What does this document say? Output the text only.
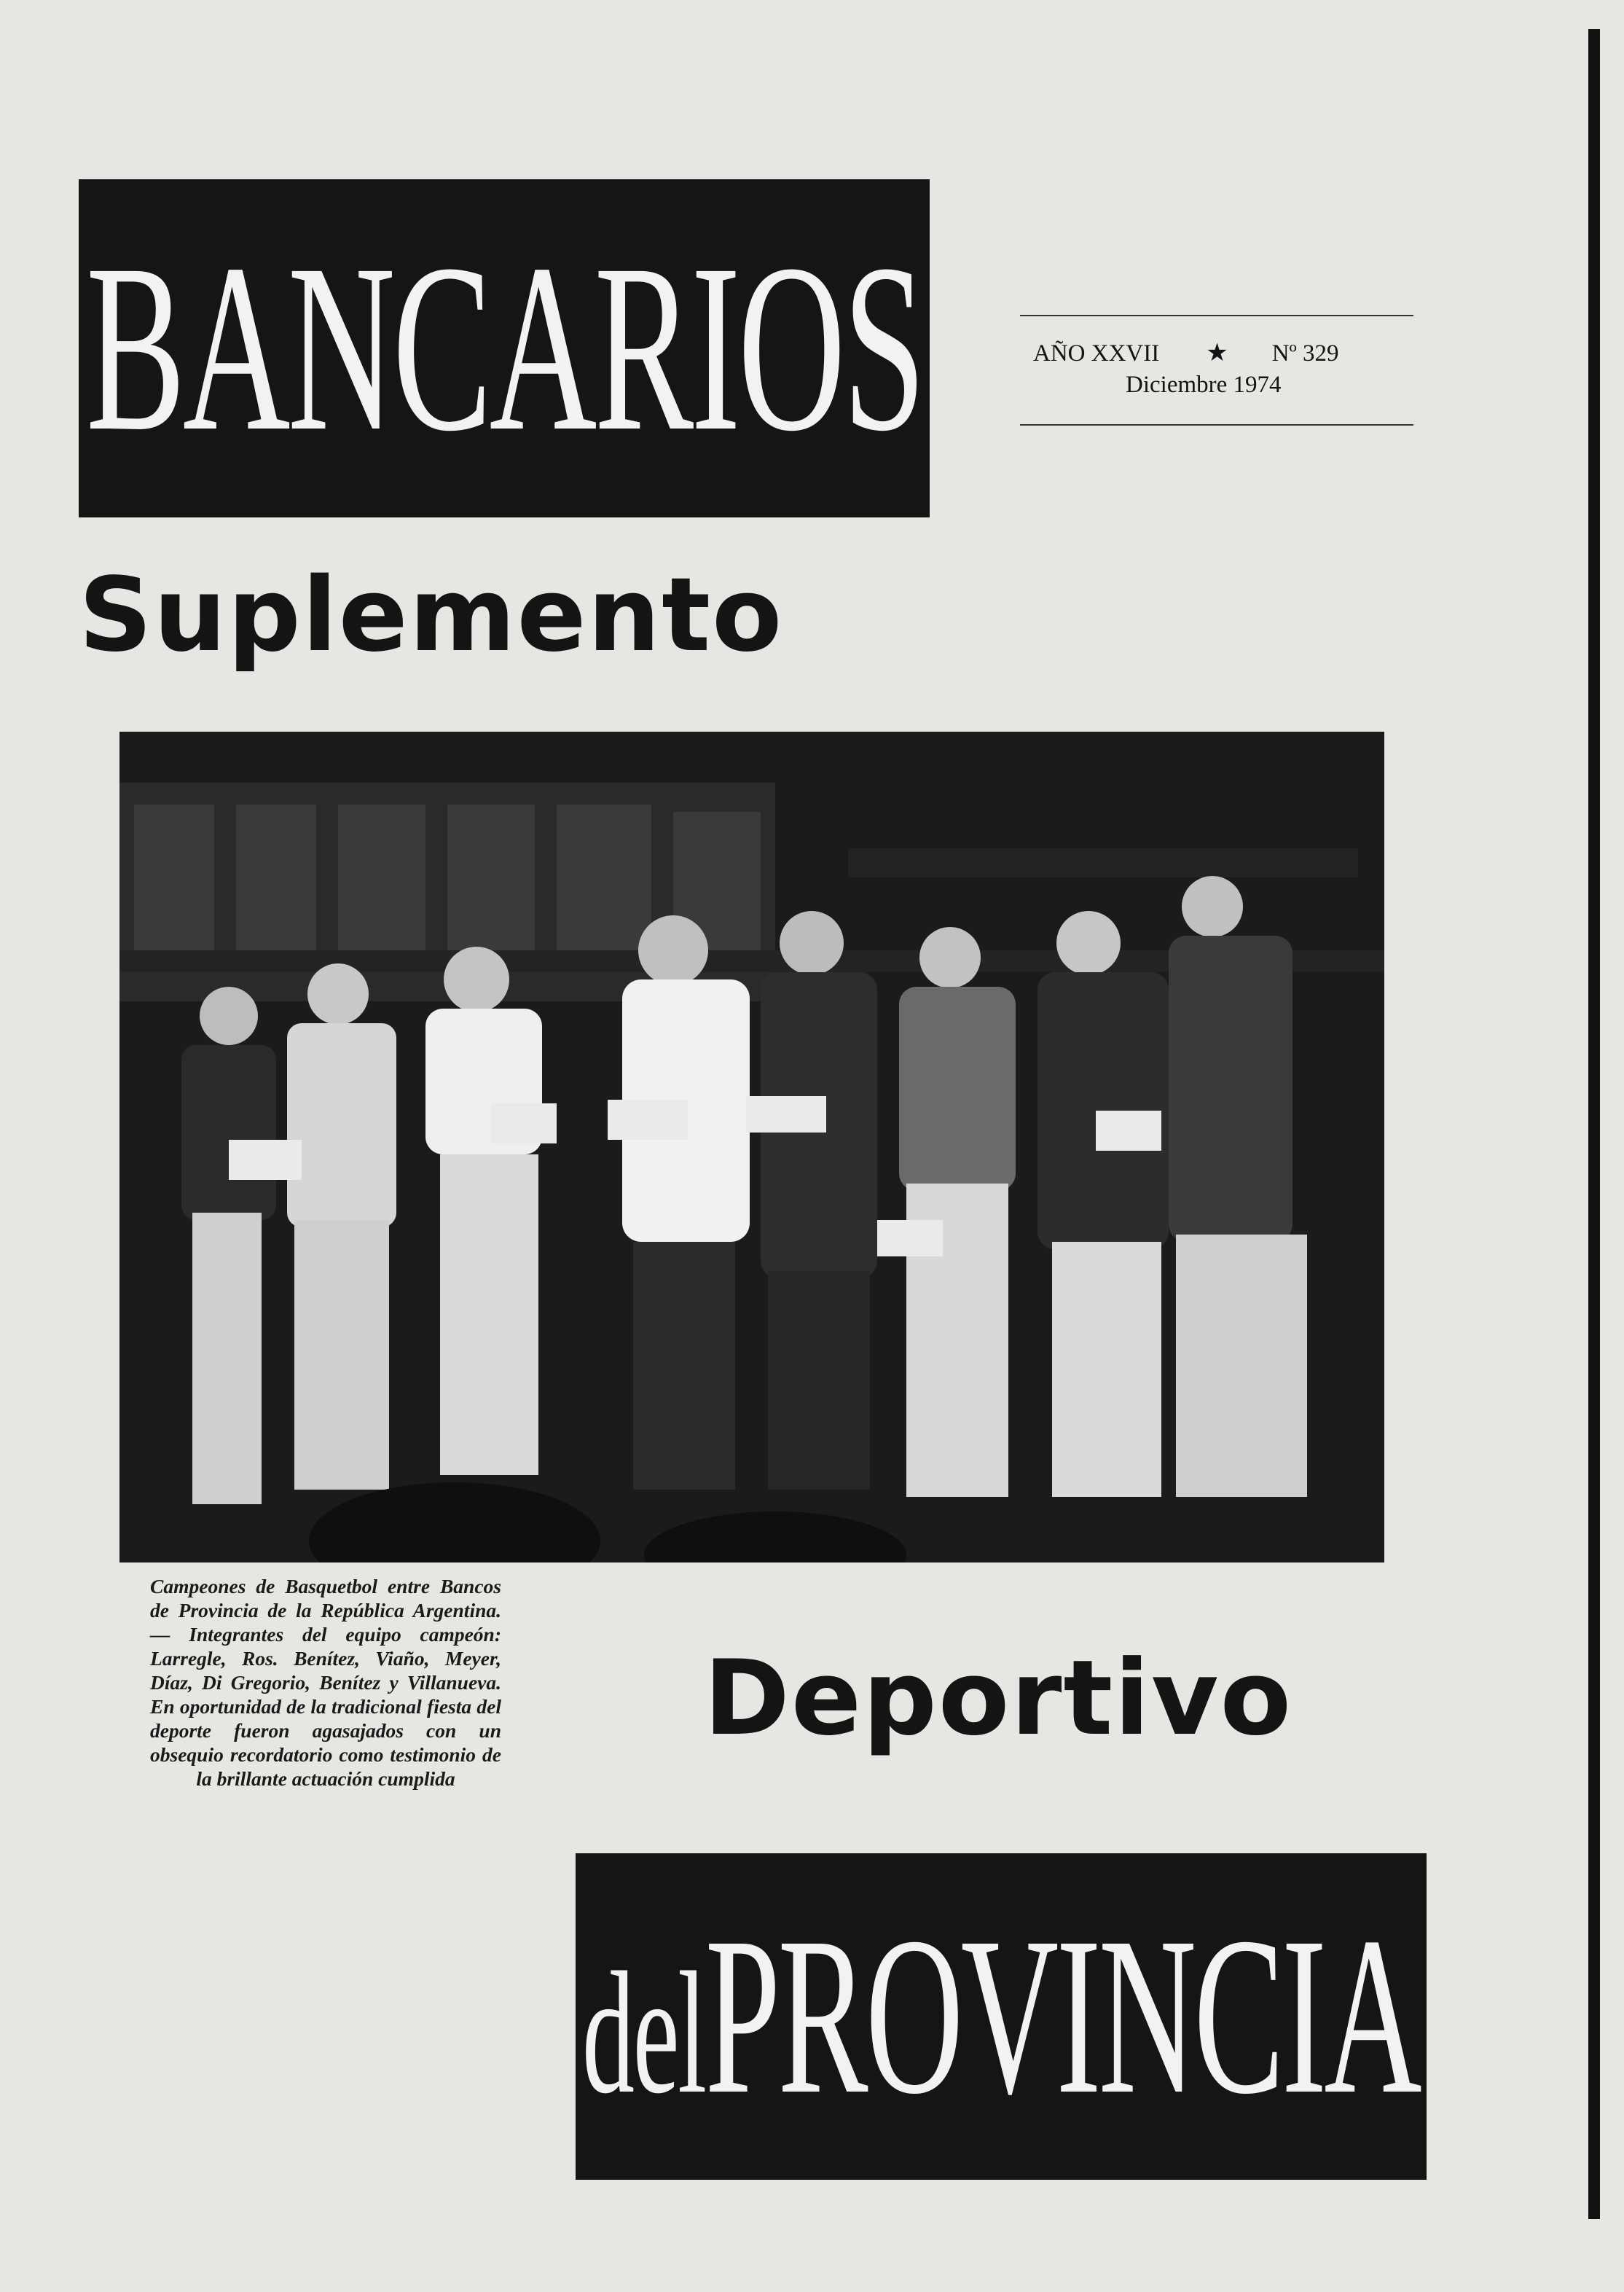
BANCARIOS	AÑO XXVII ★ Nº 329
Diciembre 1974
Suplemento
Campeones de Basquetbol entre Bancos de Provincia de la República Argentina. — Integrantes del equipo campeón: Larregle, Ros. Benítez, Viaño, Meyer, Díaz, Di Gregorio, Benítez y Villanueva. En oportunidad de la tradicional fiesta del deporte fueron agasajados con un obsequio recordatorio como testimonio de la brillante actuación cumplida
Deportivo
delPROVINCIA
